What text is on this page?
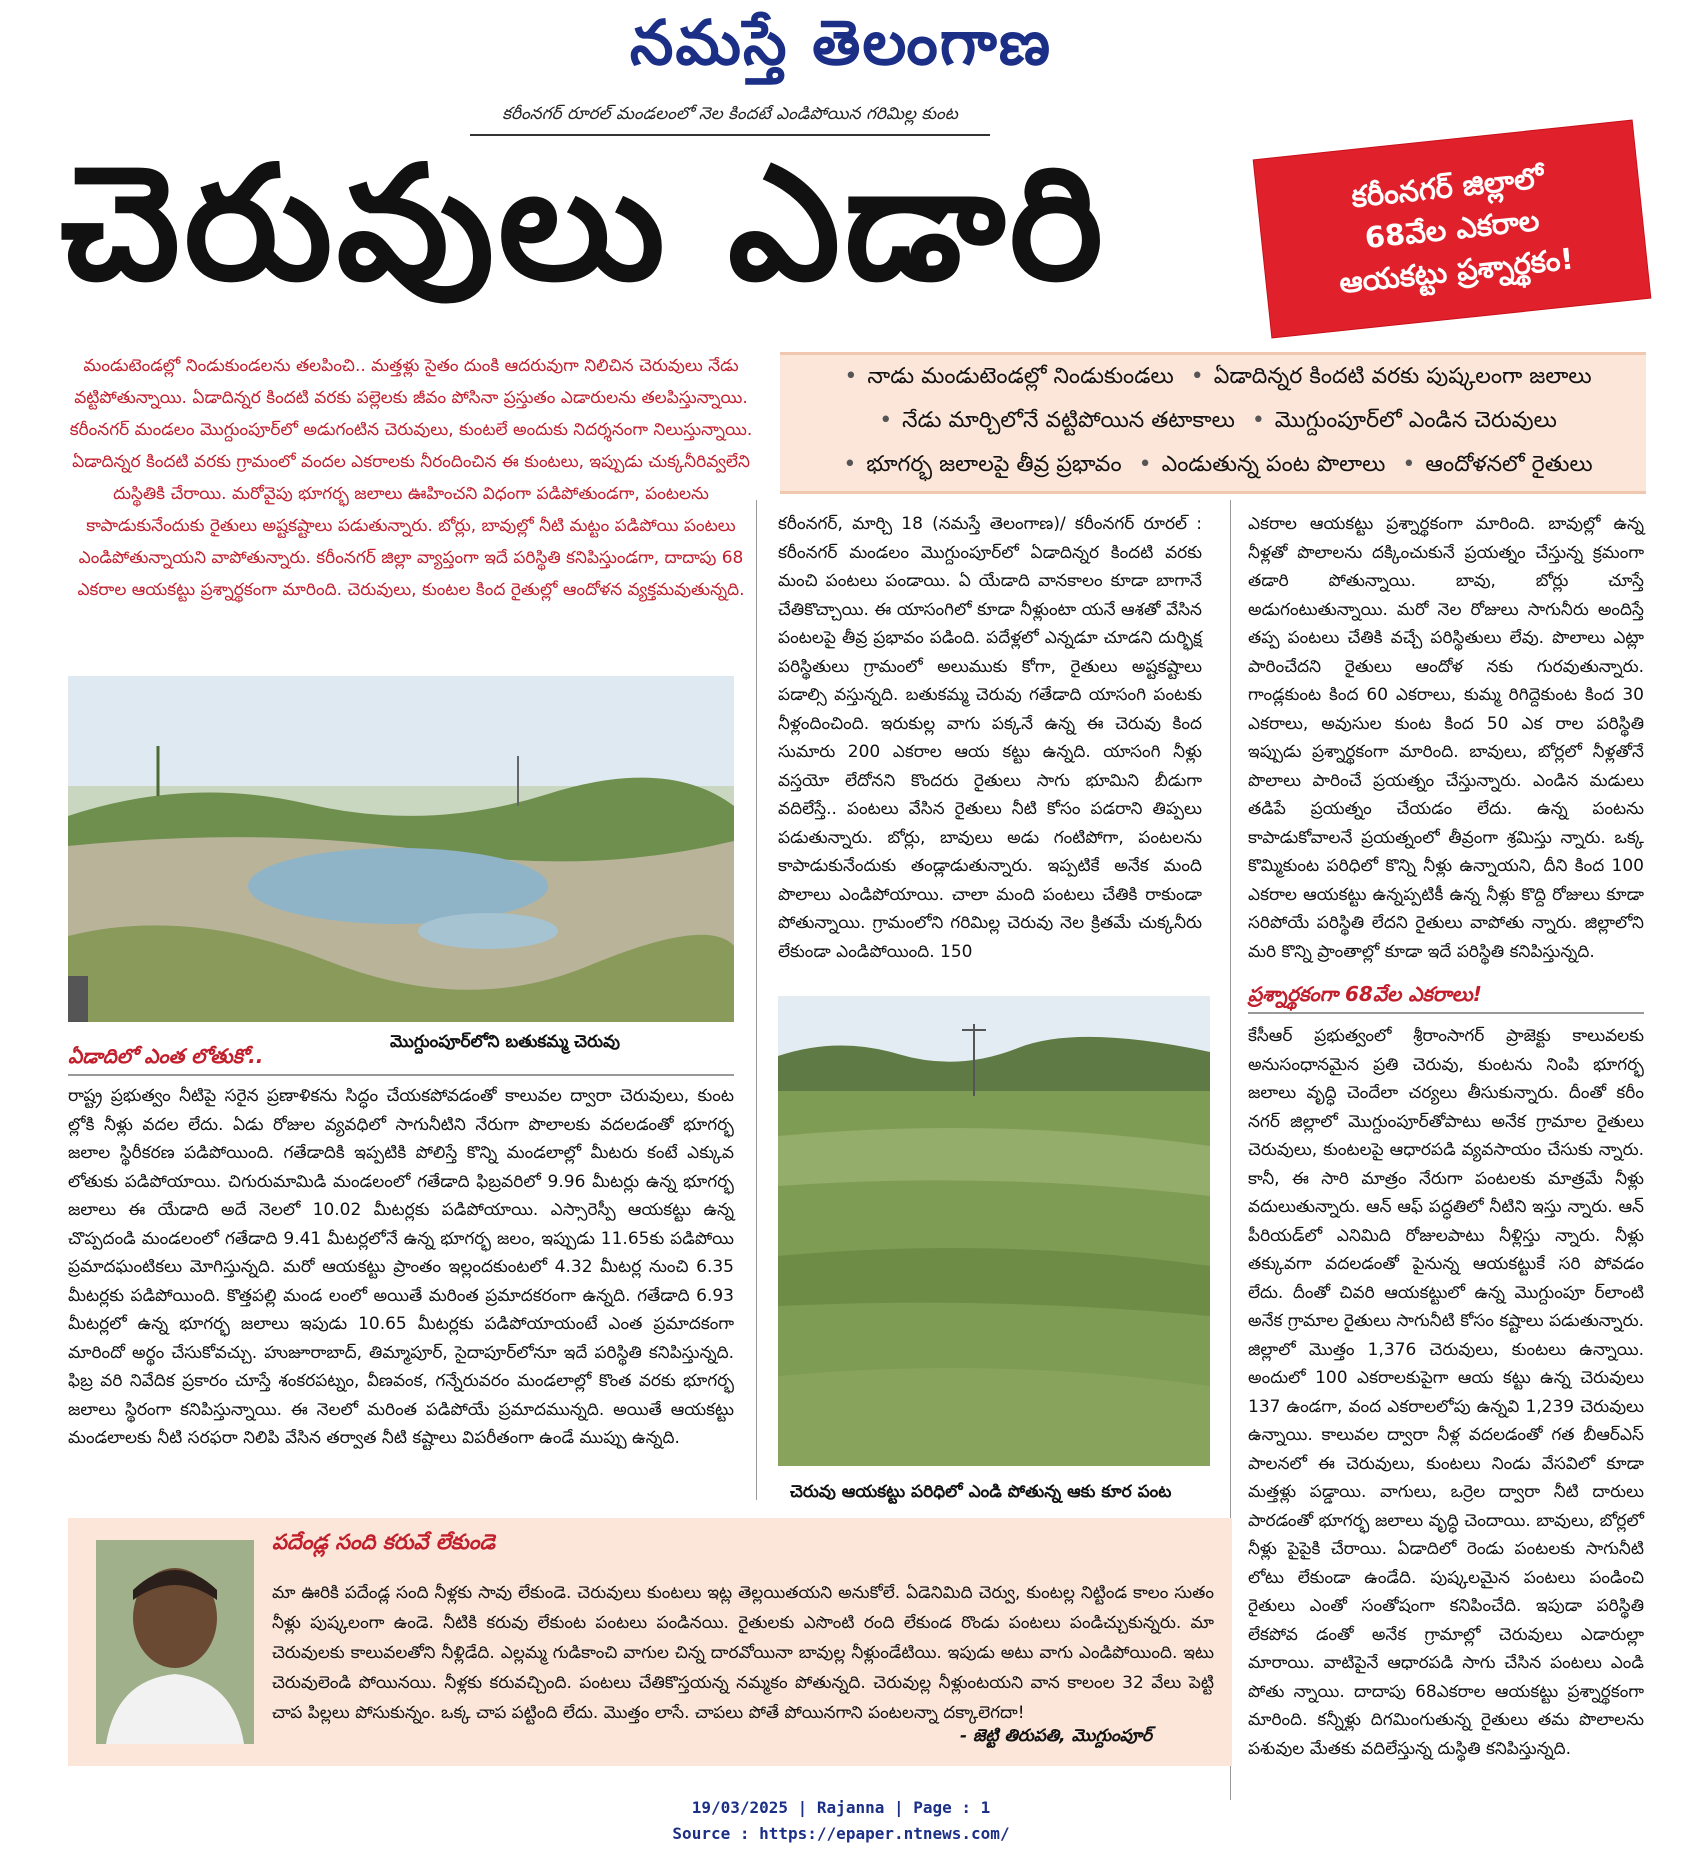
నమస్తే తెలంగాణ
కరీంనగర్ రూరల్ మండలంలో నెల కిందటే ఎండిపోయిన గరిమిల్ల కుంట
చెరువులు ఎడారి	కరీంనగర్ జిల్లాలో
68వేల ఎకరాల
ఆయకట్టు ప్రశ్నార్థకం!
మండుటెండల్లో నిండుకుండలను తలపించి.. మత్తళ్లు సైతం దుంకి ఆదరువుగా నిలిచిన చెరువులు నేడు వట్టిపోతున్నాయి. ఏడాదిన్నర కిందటి వరకు పల్లెలకు జీవం పోసినా ప్రస్తుతం ఎడారులను తలపిస్తున్నాయి. కరీంనగర్ మండలం మొగ్దుంపూర్‌లో అడుగంటిన చెరువులు, కుంటలే అందుకు నిదర్శనంగా నిలుస్తున్నాయి. ఏడాదిన్నర కిందటి వరకు గ్రామంలో వందల ఎకరాలకు నీరందించిన ఈ కుంటలు, ఇప్పుడు చుక్కనీరివ్వలేని దుస్థితికి చేరాయి. మరోవైపు భూగర్భ జలాలు ఊహించని విధంగా పడిపోతుండగా, పంటలను కాపాడుకునేందుకు రైతులు అష్టకష్టాలు పడుతున్నారు. బోర్లు, బావుల్లో నీటి మట్టం పడిపోయి పంటలు ఎండిపోతున్నాయని వాపోతున్నారు. కరీంనగర్ జిల్లా వ్యాప్తంగా ఇదే పరిస్థితి కనిపిస్తుండగా, దాదాపు 68 ఎకరాల ఆయకట్టు ప్రశ్నార్థకంగా మారింది. చెరువులు, కుంటల కింద రైతుల్లో ఆందోళన వ్యక్తమవుతున్నది.
• నాడు మండుటెండల్లో నిండుకుండలు • ఏడాదిన్నర కిందటి వరకు పుష్కలంగా జలాలు
• నేడు మార్చిలోనే వట్టిపోయిన తటాకాలు • మొగ్దుంపూర్‌లో ఎండిన చెరువులు
• భూగర్భ జలాలపై తీవ్ర ప్రభావం • ఎండుతున్న పంట పొలాలు • ఆందోళనలో రైతులు
మొగ్దుంపూర్‌లోని బతుకమ్మ చెరువు
ఏడాదిలో ఎంత లోతుకో..
రాష్ట్ర ప్రభుత్వం నీటిపై సరైన ప్రణాళికను సిద్ధం చేయకపోవడంతో కాలువల ద్వారా చెరువులు, కుంట ల్లోకి నీళ్లు వదల లేదు. ఏడు రోజుల వ్యవధిలో సాగునీటిని నేరుగా పొలాలకు వదలడంతో భూగర్భ జలాల స్థిరీకరణ పడిపోయింది. గతేడాదికి ఇప్పటికి పోలిస్తే కొన్ని మండలాల్లో మీటరు కంటే ఎక్కువ లోతుకు పడిపోయాయి. చిగురుమామిడి మండలంలో గతేడాది ఫిబ్రవరిలో 9.96 మీటర్లు ఉన్న భూగర్భ జలాలు ఈ యేడాది అదే నెలలో 10.02 మీటర్లకు పడిపోయాయి. ఎస్సారెస్పీ ఆయకట్టు ఉన్న చొప్పదండి మండలంలో గతేడాది 9.41 మీటర్లలోనే ఉన్న భూగర్భ జలం, ఇప్పుడు 11.65కు పడిపోయి ప్రమాదఘంటికలు మోగిస్తున్నది. మరో ఆయకట్టు ప్రాంతం ఇల్లందకుంటలో 4.32 మీటర్ల నుంచి 6.35 మీటర్లకు పడిపోయింది. కొత్తపల్లి మండ లంలో అయితే మరింత ప్రమాదకరంగా ఉన్నది. గతేడాది 6.93 మీటర్లలో ఉన్న భూగర్భ జలాలు ఇపుడు 10.65 మీటర్లకు పడిపోయాయంటే ఎంత ప్రమాదకంగా మారిందో అర్థం చేసుకోవచ్చు. హుజూరాబాద్, తిమ్మాపూర్, సైదాపూర్‌లోనూ ఇదే పరిస్థితి కనిపిస్తున్నది. ఫిబ్ర వరి నివేదిక ప్రకారం చూస్తే శంకరపట్నం, వీణవంక, గన్నేరువరం మండలాల్లో కొంత వరకు భూగర్భ జలాలు స్థిరంగా కనిపిస్తున్నాయి. ఈ నెలలో మరింత పడిపోయే ప్రమాదమున్నది. అయితే ఆయకట్టు మండలాలకు నీటి సరఫరా నిలిపి వేసిన తర్వాత నీటి కష్టాలు విపరీతంగా ఉండే ముప్పు ఉన్నది.
కరీంనగర్, మార్చి 18 (నమస్తే తెలంగాణ)/ కరీంనగర్ రూరల్ : కరీంనగర్ మండలం మొగ్దుంపూర్‌లో ఏడాదిన్నర కిందటి వరకు మంచి పంటలు పండాయి. ఏ యేడాది వానకాలం కూడా బాగానే చేతికొచ్చాయి. ఈ యాసంగిలో కూడా నీళ్లుంటా యనే ఆశతో వేసిన పంటలపై తీవ్ర ప్రభావం పడింది. పదేళ్లలో ఎన్నడూ చూడని దుర్భిక్ష పరిస్థితులు గ్రామంలో అలుముకు కోగా, రైతులు అష్టకష్టాలు పడాల్సి వస్తున్నది. బతుకమ్మ చెరువు గతేడాది యాసంగి పంటకు నీళ్లందించింది. ఇరుకుల్ల వాగు పక్కనే ఉన్న ఈ చెరువు కింద సుమారు 200 ఎకరాల ఆయ కట్టు ఉన్నది. యాసంగి నీళ్లు వస్తయో లేదోనని కొందరు రైతులు సాగు భూమిని బీడుగా వదిలేస్తే.. పంటలు వేసిన రైతులు నీటి కోసం పడరాని తిప్పలు పడుతున్నారు. బోర్లు, బావులు అడు గంటిపోగా, పంటలను కాపాడుకునేందుకు తండ్లాడుతున్నారు. ఇప్పటికే అనేక మంది పొలాలు ఎండిపోయాయి. చాలా మంది పంటలు చేతికి రాకుండా పోతున్నాయి. గ్రామంలోని గరిమిల్ల చెరువు నెల క్రితమే చుక్కనీరు లేకుండా ఎండిపోయింది. 150
ఎకరాల ఆయకట్టు ప్రశ్నార్థకంగా మారింది. బావుల్లో ఉన్న నీళ్లతో పొలాలను దక్కించుకునే ప్రయత్నం చేస్తున్న క్రమంగా తడారి పోతున్నాయి. బావు, బోర్లు చూస్తే అడుగంటుతున్నాయి. మరో నెల రోజులు సాగునీరు అందిస్తే తప్ప పంటలు చేతికి వచ్చే పరిస్థితులు లేవు. పొలాలు ఎట్లా పారించేదని రైతులు ఆందోళ నకు గురవుతున్నారు. గాండ్లకుంట కింద 60 ఎకరాలు, కుమ్మ రిగిద్దెకుంట కింద 30 ఎకరాలు, అవుసుల కుంట కింద 50 ఎక రాల పరిస్థితి ఇప్పుడు ప్రశ్నార్థకంగా మారింది. బావులు, బోర్లలో నీళ్లతోనే పొలాలు పారించే ప్రయత్నం చేస్తున్నారు. ఎండిన మడులు తడిపే ప్రయత్నం చేయడం లేదు. ఉన్న పంటను కాపాడుకోవాలనే ప్రయత్నంలో తీవ్రంగా శ్రమిస్తు న్నారు. ఒక్క కొమ్మికుంట పరిధిలో కొన్ని నీళ్లు ఉన్నాయని, దీని కింద 100 ఎకరాల ఆయకట్టు ఉన్నప్పటికీ ఉన్న నీళ్లు కొద్ది రోజులు కూడా సరిపోయే పరిస్థితి లేదని రైతులు వాపోతు న్నారు. జిల్లాలోని మరి కొన్ని ప్రాంతాల్లో కూడా ఇదే పరిస్థితి కనిపిస్తున్నది.
ప్రశ్నార్థకంగా 68వేల ఎకరాలు!
కేసీఆర్ ప్రభుత్వంలో శ్రీరాంసాగర్ ప్రాజెక్టు కాలువలకు అనుసంధానమైన ప్రతి చెరువు, కుంటను నింపి భూగర్భ జలాలు వృద్ధి చెందేలా చర్యలు తీసుకున్నారు. దీంతో కరీం నగర్ జిల్లాలో మొగ్దుంపూర్‌తోపాటు అనేక గ్రామాల రైతులు చెరువులు, కుంటలపై ఆధారపడి వ్యవసాయం చేసుకు న్నారు. కానీ, ఈ సారి మాత్రం నేరుగా పంటలకు మాత్రమే నీళ్లు వదులుతున్నారు. ఆన్ ఆఫ్ పద్ధతిలో నీటిని ఇస్తు న్నారు. ఆన్ పీరియడ్‌లో ఎనిమిది రోజులపాటు నీళ్లిస్తు న్నారు. నీళ్లు తక్కువగా వదలడంతో పైనున్న ఆయకట్టుకే సరి పోవడం లేదు. దీంతో చివరి ఆయకట్టులో ఉన్న మొగ్దుంపూ ర్‌లాంటి అనేక గ్రామాల రైతులు సాగునీటి కోసం కష్టాలు పడుతున్నారు. జిల్లాలో మొత్తం 1,376 చెరువులు, కుంటలు ఉన్నాయి. అందులో 100 ఎకరాలకుపైగా ఆయ కట్టు ఉన్న చెరువులు 137 ఉండగా, వంద ఎకరాలలోపు ఉన్నవి 1,239 చెరువులు ఉన్నాయి. కాలువల ద్వారా నీళ్ల వదలడంతో గత బీఆర్‌ఎస్ పాలనలో ఈ చెరువులు, కుంటలు నిండు వేసవిలో కూడా మత్తళ్లు పడ్డాయి. వాగులు, ఒర్రెల ద్వారా నీటి దారులు పారడంతో భూగర్భ జలాలు వృద్ధి చెందాయి. బావులు, బోర్లలో నీళ్లు పైపైకి చేరాయి. ఏడాదిలో రెండు పంటలకు సాగునీటి లోటు లేకుండా ఉండేది. పుష్కలమైన పంటలు పండించి రైతులు ఎంతో సంతోషంగా కనిపించేది. ఇపుడా పరిస్థితి లేకపోవ డంతో అనేక గ్రామాల్లో చెరువులు ఎడారుల్లా మారాయి. వాటిపైనే ఆధారపడి సాగు చేసిన పంటలు ఎండి పోతు న్నాయి. దాదాపు 68ఎకరాల ఆయకట్టు ప్రశ్నార్థకంగా మారింది. కన్నీళ్లు దిగమింగుతున్న రైతులు తమ పొలాలను పశువుల మేతకు వదిలేస్తున్న దుస్థితి కనిపిస్తున్నది.
చెరువు ఆయకట్టు పరిధిలో ఎండి పోతున్న ఆకు కూర పంట
పదేండ్ల సంది కరువే లేకుండె
మా ఊరికి పదేండ్ల సంది నీళ్లకు సావు లేకుండె. చెరువులు కుంటలు ఇట్ల తెల్లయితయని అనుకోలే. ఏడెనిమిది చెర్వు, కుంటల్ల నిట్టిండ కాలం సుతం నీళ్లు పుష్కలంగా ఉండె. నీటికి కరువు లేకుంట పంటలు పండినయి. రైతులకు ఎసొంటి రంది లేకుండ రొండు పంటలు పండిచ్చుకున్నరు. మా చెరువులకు కాలువలతోని నీళ్లిడేది. ఎల్లమ్మ గుడికాంచి వాగుల చిన్న దారవోయినా బావుల్ల నీళ్లుండేటియి. ఇపుడు అటు వాగు ఎండిపోయింది. ఇటు చెరువులెండి పోయినయి. నీళ్లకు కరువచ్చింది. పంటలు చేతికొస్తయన్న నమ్మకం పోతున్నది. చెరువుల్ల నీళ్లుంటయని వాన కాలంల 32 వేలు పెట్టి చాప పిల్లలు పోసుకున్నం. ఒక్క చాప పట్టింది లేదు. మొత్తం లాసే. చాపలు పోతే పోయినగాని పంటలన్నా దక్కాలెగదా!
- జెట్టి తిరుపతి, మొగ్దుంపూర్
19/03/2025 | Rajanna | Page : 1
Source : https://epaper.ntnews.com/
